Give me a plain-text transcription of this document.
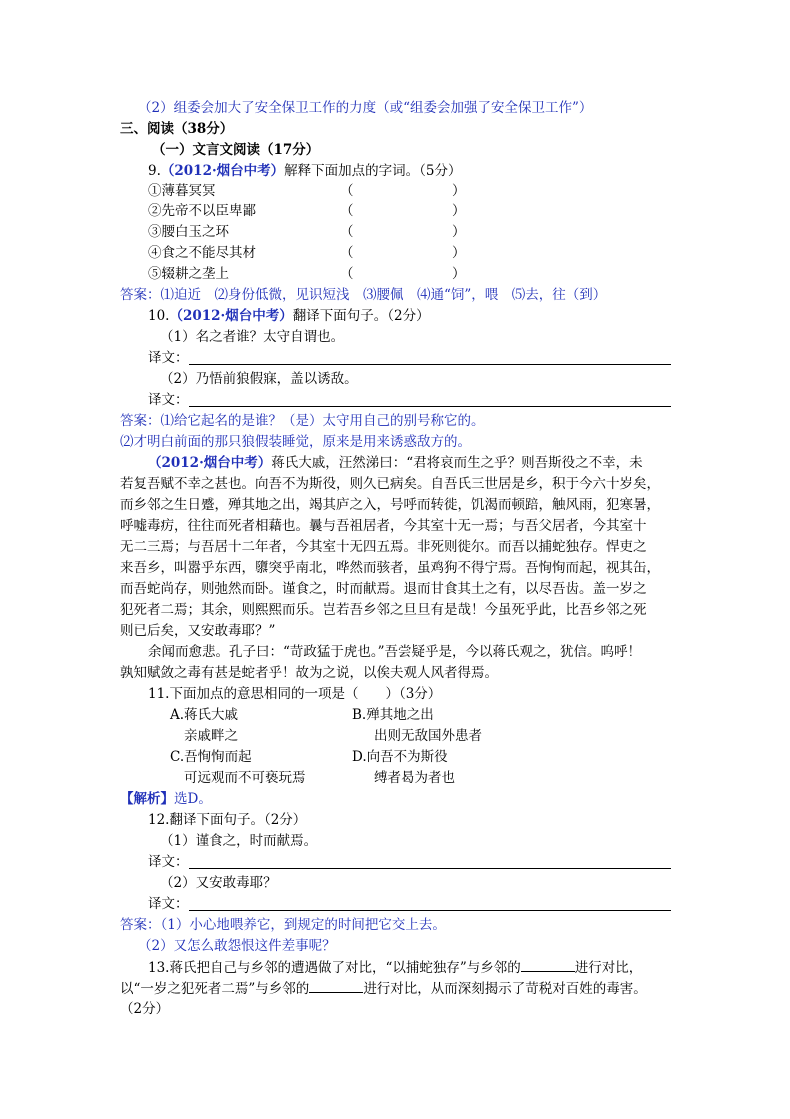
（2）组委会加大了安全保卫工作的力度（或“组委会加强了安全保卫工作”）
三、阅读（38分）
（一）文言文阅读（17分）
9.（2012·烟台中考）解释下面加点的字词。（5分）
①薄暮冥冥
②先帝不以臣卑鄙
③腰白玉之环
④食之不能尽其材
⑤辍耕之垄上
（	）
（	）
（	）
（	）
（	）
答案：⑴迫近　⑵身份低微，见识短浅　⑶腰佩　⑷通“饲”，喂　⑸去，往（到）
10.（2012·烟台中考）翻译下面句子。（2分）
（1）名之者谁？太守自谓也。
译文：
（2）乃悟前狼假寐，盖以诱敌。
译文：
答案：⑴给它起名的是谁？（是）太守用自己的别号称它的。
⑵才明白前面的那只狼假装睡觉，原来是用来诱惑敌方的。
（2012·烟台中考）蒋氏大戚，汪然涕曰：“君将哀而生之乎？则吾斯役之不幸，未
若复吾赋不幸之甚也。向吾不为斯役，则久已病矣。自吾氏三世居是乡，积于今六十岁矣，
而乡邻之生日蹙，殚其地之出，竭其庐之入，号呼而转徙，饥渴而顿踣，触风雨，犯寒暑，
呼嘘毒疠，往往而死者相藉也。曩与吾祖居者，今其室十无一焉；与吾父居者，今其室十
无二三焉；与吾居十二年者，今其室十无四五焉。非死则徙尔。而吾以捕蛇独存。悍吏之
来吾乡，叫嚣乎东西，隳突乎南北，哗然而骇者，虽鸡狗不得宁焉。吾恂恂而起，视其缶，
而吾蛇尚存，则弛然而卧。谨食之，时而献焉。退而甘食其土之有，以尽吾齿。盖一岁之
犯死者二焉；其余，则熙熙而乐。岂若吾乡邻之旦旦有是哉！今虽死乎此，比吾乡邻之死
则已后矣，又安敢毒耶？”
余闻而愈悲。孔子曰：“苛政猛于虎也。”吾尝疑乎是，今以蒋氏观之，犹信。呜呼！
孰知赋敛之毒有甚是蛇者乎！故为之说，以俟夫观人风者得焉。
11.下面加点的意思相同的一项是（　　）（3分）
A.蒋氏大戚	B.殚其地之出
亲戚畔之	出则无敌国外患者
C.吾恂恂而起	D.向吾不为斯役
可远观而不可亵玩焉	缚者曷为者也
【解析】选D。
12.翻译下面句子。（2分）
（1）谨食之，时而献焉。
译文：
（2）又安敢毒耶？
译文：
答案：（1）小心地喂养它，到规定的时间把它交上去。
（2）又怎么敢怨恨这件差事呢？
13.蒋氏把自己与乡邻的遭遇做了对比，“以捕蛇独存”与乡邻的	进行对比，
以“一岁之犯死者二焉”与乡邻的	进行对比，从而深刻揭示了苛税对百姓的毒害。
（2分）
